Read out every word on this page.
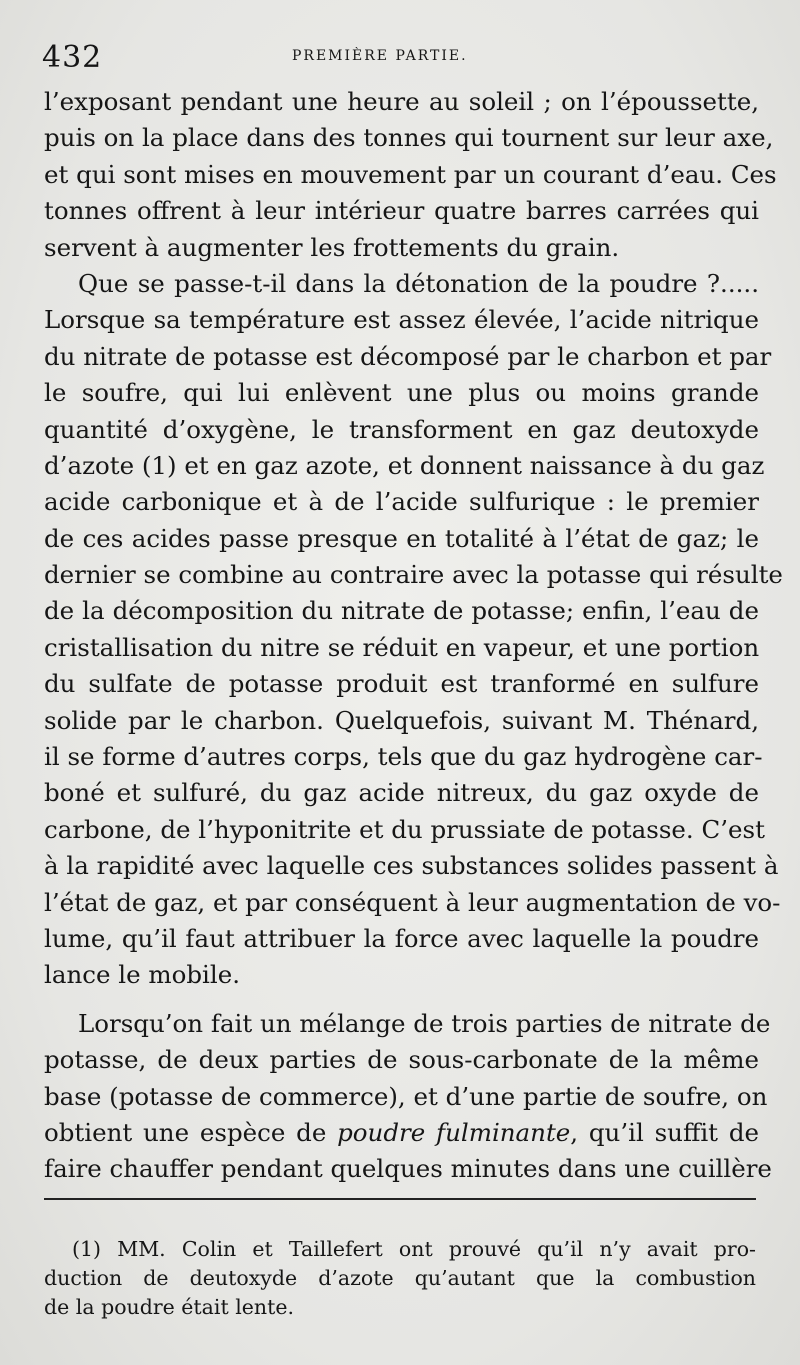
432	PREMIÈRE PARTIE.
l’exposant pendant une heure au soleil ; on l’époussette,
puis on la place dans des tonnes qui tournent sur leur axe,
et qui sont mises en mouvement par un courant d’eau. Ces
tonnes offrent à leur intérieur quatre barres carrées qui
servent à augmenter les frottements du grain.
Que se passe-t-il dans la détonation de la poudre ?.....
Lorsque sa température est assez élevée, l’acide nitrique
du nitrate de potasse est décomposé par le charbon et par
le soufre, qui lui enlèvent une plus ou moins grande
quantité d’oxygène, le transforment en gaz deutoxyde
d’azote (1) et en gaz azote, et donnent naissance à du gaz
acide carbonique et à de l’acide sulfurique : le premier
de ces acides passe presque en totalité à l’état de gaz; le
dernier se combine au contraire avec la potasse qui résulte
de la décomposition du nitrate de potasse; enfin, l’eau de
cristallisation du nitre se réduit en vapeur, et une portion
du sulfate de potasse produit est tranformé en sulfure
solide par le charbon. Quelquefois, suivant M. Thénard,
il se forme d’autres corps, tels que du gaz hydrogène car-
boné et sulfuré, du gaz acide nitreux, du gaz oxyde de
carbone, de l’hyponitrite et du prussiate de potasse. C’est
à la rapidité avec laquelle ces substances solides passent à
l’état de gaz, et par conséquent à leur augmentation de vo-
lume, qu’il faut attribuer la force avec laquelle la poudre
lance le mobile.
Lorsqu’on fait un mélange de trois parties de nitrate de
potasse, de deux parties de sous-carbonate de la même
base (potasse de commerce), et d’une partie de soufre, on
obtient une espèce de poudre fulminante, qu’il suffit de
faire chauffer pendant quelques minutes dans une cuillère
(1) MM. Colin et Taillefert ont prouvé qu’il n’y avait pro-
duction de deutoxyde d’azote qu’autant que la combustion
de la poudre était lente.
